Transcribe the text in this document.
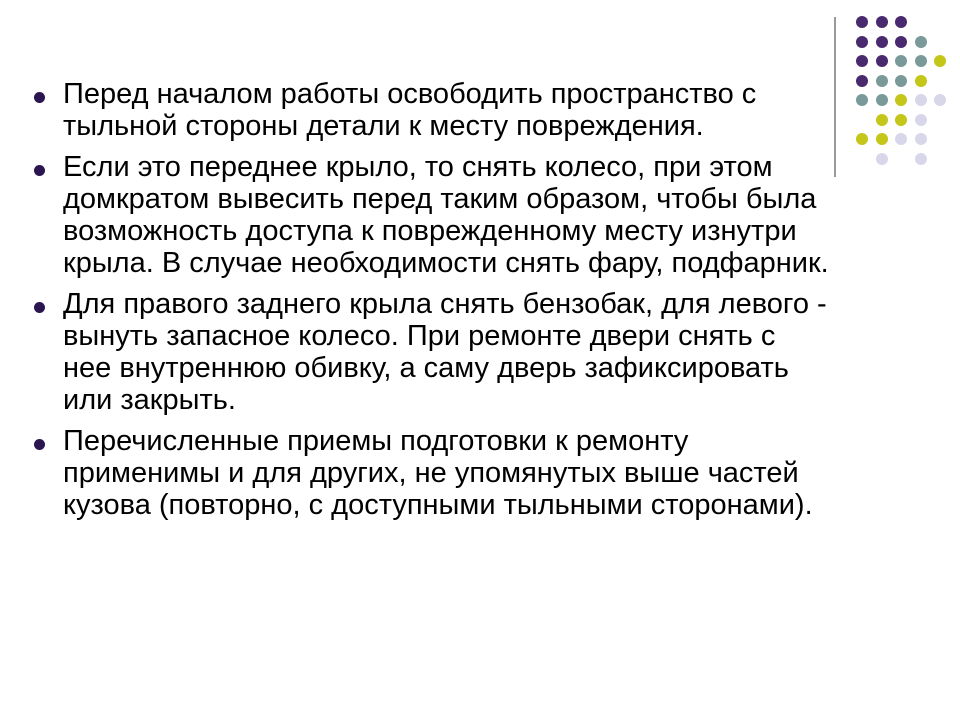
Перед началом работы освободить пространство с тыльной стороны детали к месту повреждения.
Если это переднее крыло, то снять колесо, при этом домкратом вывесить перед таким образом, чтобы была возможность доступа к поврежденному месту изнутри крыла. В случае необходимости снять фару, подфарник.
Для правого заднего крыла снять бензобак, для левого - вынуть запасное колесо. При ремонте двери снять с нее внутреннюю обивку, а саму дверь зафиксировать или закрыть.
Перечисленные приемы подготовки к ремонту применимы и для других, не упомянутых выше частей кузова (повторно, с доступными тыльными сторонами).
